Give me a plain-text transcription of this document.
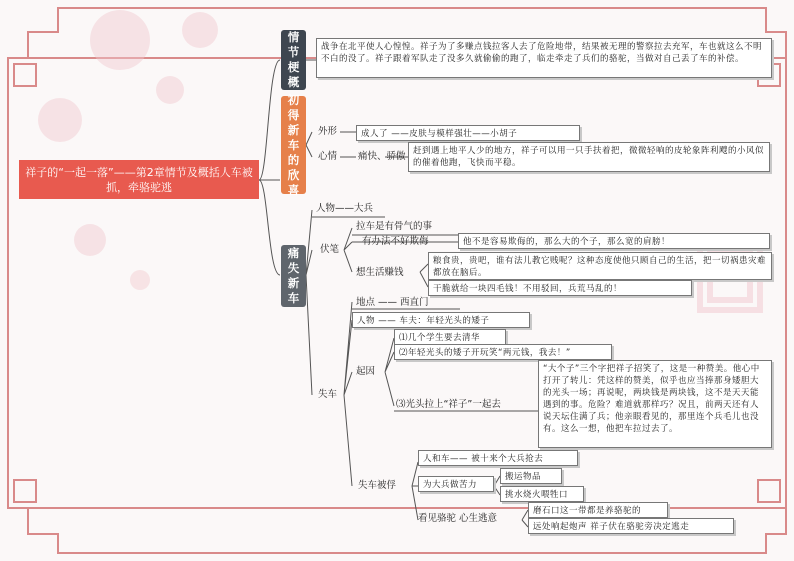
祥子的“一起一落”——第2章情节及概括人车被抓，牵骆驼逃
情节梗概
战争在北平使人心惶惶。祥子为了多赚点钱拉客人去了危险地带，结果被无理的警察拉去充军，车也就这么不明不白的没了。祥子跟着军队走了没多久就偷偷的跑了，临走牵走了兵们的骆驼，当做对自己丢了车的补偿。
初得新车的欣喜
外形	成人了 ——皮肤与模样强壮——小胡子
心情 痛快、骄傲 赶到遇上地平人少的地方，祥子可以用一只手扶着把，微微轻响的皮轮象阵利飕的小风似的催着他跑，飞快而平稳。
痛失新车
人物——大兵
伏笔
拉车是有骨气的事
有办法不好欺侮	他不是容易欺侮的，那么大的个子，那么宽的肩膀！
想生活赚钱
粮食贵，贵吧，谁有法儿教它贱呢？这种态度使他只顾自己的生活，把一切祸患灾难都放在脑后。
干脆就给一块四毛钱！不用驳回，兵荒马乱的！
失车
地点 —— 西直门
人物 —— 车夫：年轻光头的矮子
起因
⑴几个学生要去清华
⑵年轻光头的矮子开玩笑“两元钱，我去！”
⑶光头拉上“祥子”一起去
“大个子”三个字把祥子招笑了，这是一种赞美。他心中打开了转儿：凭这样的赞美，似乎也应当捧那身矮胆大的光头一场；再说呢，两块钱是两块钱，这不是天天能遇到的事。危险？难道就那样巧？况且，前两天还有人说天坛住满了兵；他亲眼看见的，那里连个兵毛儿也没有。这么一想，他把车拉过去了。
失车被俘
人和车—— 被十来个大兵抢去
为大兵做苦力
搬运物品
挑水烧火喂牲口
看见骆驼 心生逃意
磨石口这一带都是养骆驼的
远处响起炮声 祥子伏在骆驼旁决定逃走
